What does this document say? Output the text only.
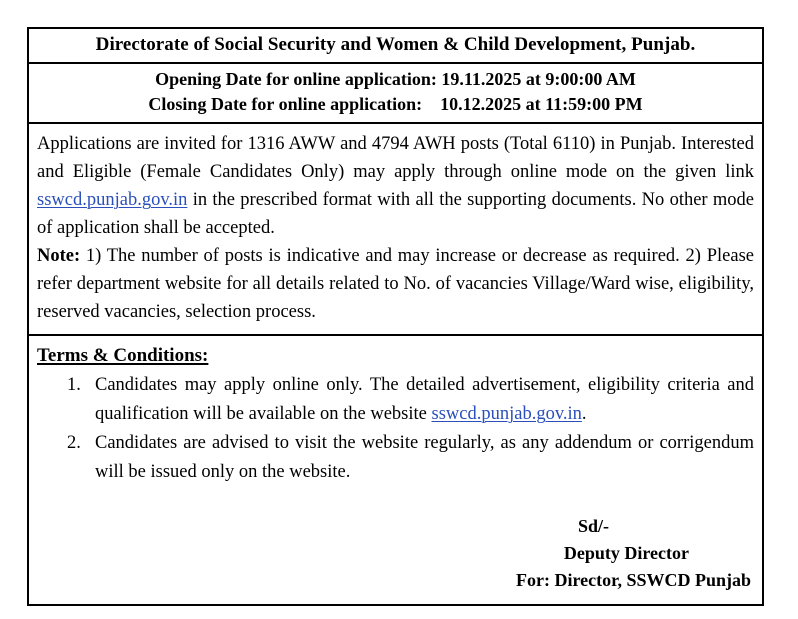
Directorate of Social Security and Women & Child Development, Punjab.
Opening Date for online application: 19.11.2025 at 9:00:00 AM
Closing Date for online application:    10.12.2025 at 11:59:00 PM

Applications are invited for 1316 AWW and 4794 AWH posts (Total 6110) in Punjab. Interested and Eligible (Female Candidates Only) may apply through online mode on the given link sswcd.punjab.gov.in in the prescribed format with all the supporting documents. No other mode of application shall be accepted.

Note: 1) The number of posts is indicative and may increase or decrease as required. 2) Please refer department website for all details related to No. of vacancies Village/Ward wise, eligibility, reserved vacancies, selection process.

Terms & Conditions:
Candidates may apply online only. The detailed advertisement, eligibility criteria and qualification will be available on the website sswcd.punjab.gov.in.
Candidates are advised to visit the website regularly, as any addendum or corrigendum will be issued only on the website.
Sd/-
Deputy Director
For: Director, SSWCD Punjab
